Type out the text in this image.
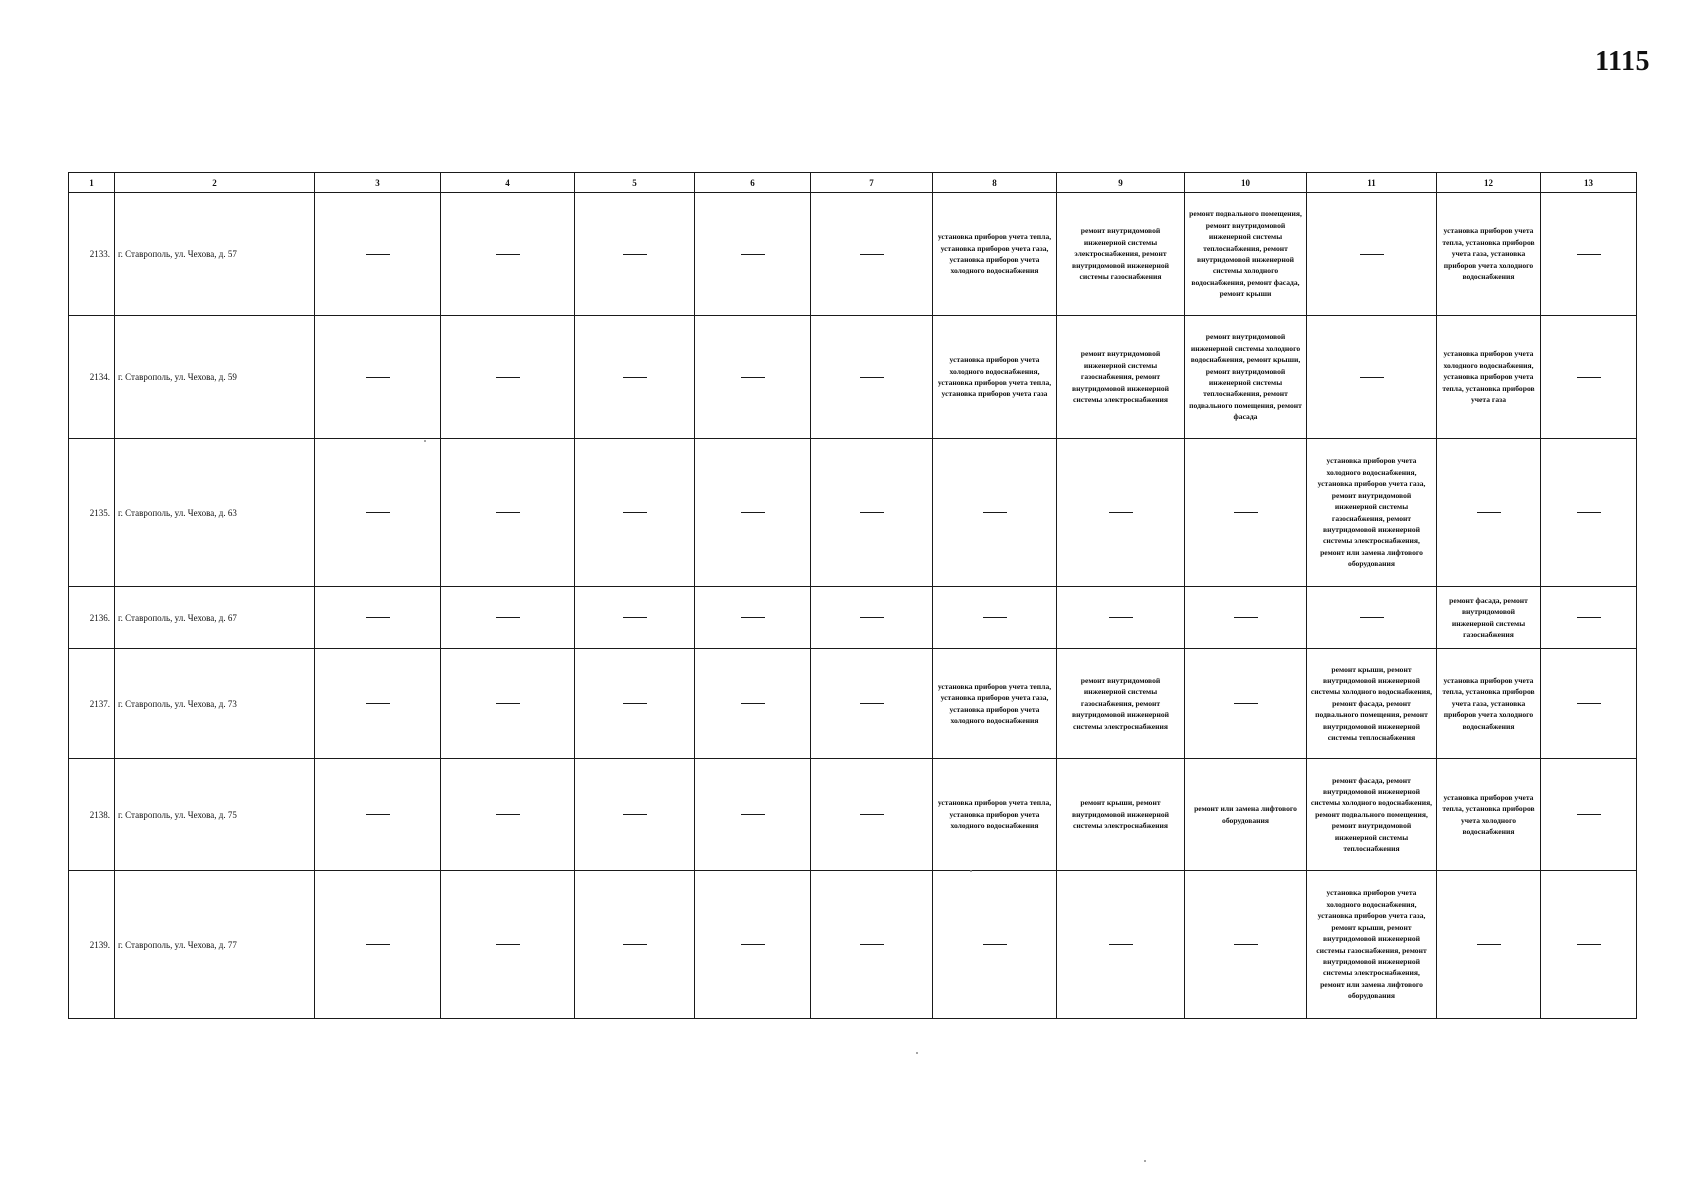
1115
1	2	3	4	5	6	7	8	9	10	11	12	13
2133.	г. Ставрополь, ул. Чехова, д. 57						установка приборов учета тепла, установка приборов учета газа, установка приборов учета холодного водоснабжения	ремонт внутридомовой инженерной системы электроснабжения, ремонт внутридомовой инженерной системы газоснабжения	ремонт подвального помещения, ремонт внутридомовой инженерной системы теплоснабжения, ремонт внутридомовой инженерной системы холодного водоснабжения, ремонт фасада, ремонт крыши		установка приборов учета тепла, установка приборов учета газа, установка приборов учета холодного водоснабжения	
2134.	г. Ставрополь, ул. Чехова, д. 59						установка приборов учета холодного водоснабжения, установка приборов учета тепла, установка приборов учета газа	ремонт внутридомовой инженерной системы газоснабжения, ремонт внутридомовой инженерной системы электроснабжения	ремонт внутридомовой инженерной системы холодного водоснабжения, ремонт крыши, ремонт внутридомовой инженерной системы теплоснабжения, ремонт подвального помещения, ремонт фасада		установка приборов учета холодного водоснабжения, установка приборов учета тепла, установка приборов учета газа	
2135.	г. Ставрополь, ул. Чехова, д. 63									установка приборов учета холодного водоснабжения, установка приборов учета газа, ремонт внутридомовой инженерной системы газоснабжения, ремонт внутридомовой инженерной системы электроснабжения, ремонт или замена лифтового оборудования		
2136.	г. Ставрополь, ул. Чехова, д. 67										ремонт фасада, ремонт внутридомовой инженерной системы газоснабжения	
2137.	г. Ставрополь, ул. Чехова, д. 73						установка приборов учета тепла, установка приборов учета газа, установка приборов учета холодного водоснабжения	ремонт внутридомовой инженерной системы газоснабжения, ремонт внутридомовой инженерной системы электроснабжения		ремонт крыши, ремонт внутридомовой инженерной системы холодного водоснабжения, ремонт фасада, ремонт подвального помещения, ремонт внутридомовой инженерной системы теплоснабжения	установка приборов учета тепла, установка приборов учета газа, установка приборов учета холодного водоснабжения	
2138.	г. Ставрополь, ул. Чехова, д. 75						установка приборов учета тепла, установка приборов учета холодного водоснабжения	ремонт крыши, ремонт внутридомовой инженерной системы электроснабжения	ремонт или замена лифтового оборудования	ремонт фасада, ремонт внутридомовой инженерной системы холодного водоснабжения, ремонт подвального помещения, ремонт внутридомовой инженерной системы теплоснабжения	установка приборов учета тепла, установка приборов учета холодного водоснабжения	
2139.	г. Ставрополь, ул. Чехова, д. 77									установка приборов учета холодного водоснабжения, установка приборов учета газа, ремонт крыши, ремонт внутридомовой инженерной системы газоснабжения, ремонт внутридомовой инженерной системы электроснабжения, ремонт или замена лифтового оборудования		
